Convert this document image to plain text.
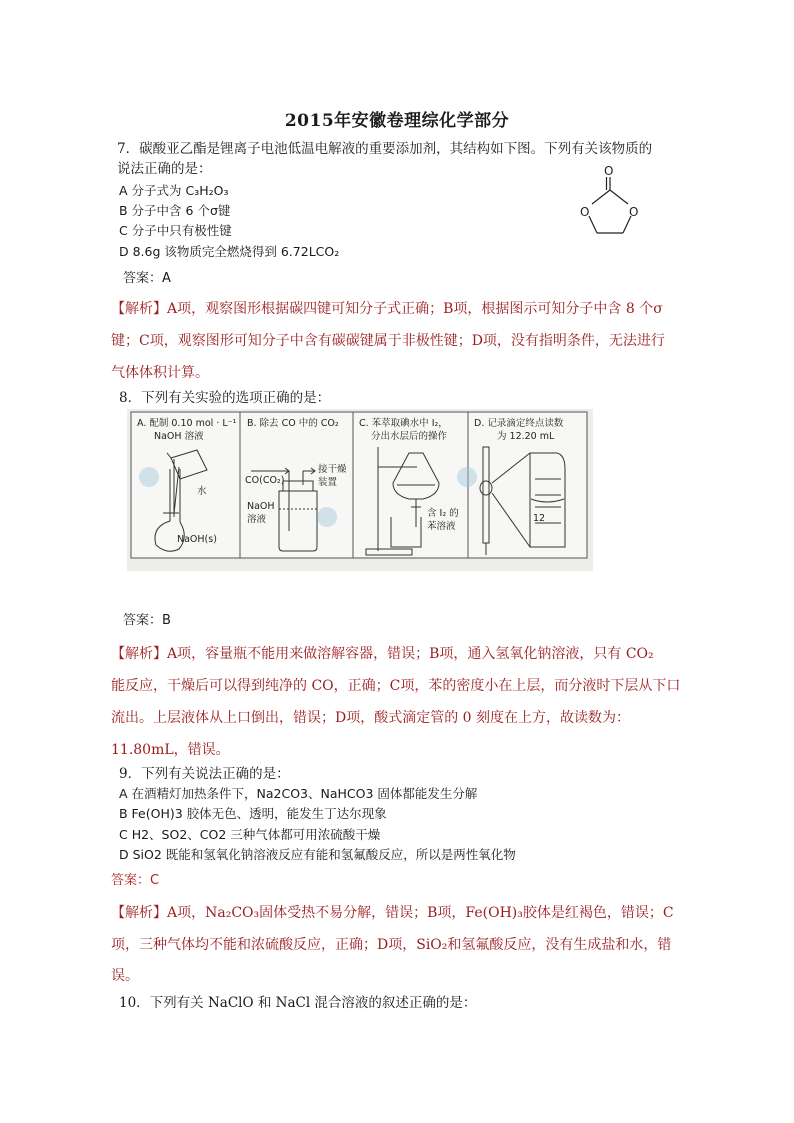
2015年安徽卷理综化学部分
7．碳酸亚乙酯是锂离子电池低温电解液的重要添加剂，其结构如下图。下列有关该物质的
说法正确的是：
A 分子式为 C₃H₂O₃
B 分子中含 6 个σ键
C 分子中只有极性键
D 8.6g 该物质完全燃烧得到 6.72LCO₂
O
O	O
答案：A
【解析】A项，观察图形根据碳四键可知分子式正确；B项，根据图示可知分子中含 8 个σ
键；C项，观察图形可知分子中含有碳碳键属于非极性键；D项，没有指明条件，无法进行
气体体积计算。
8．下列有关实验的选项正确的是：
A. 配制 0.10 mol · L⁻¹
NaOH 溶液
水
NaOH(s)
B. 除去 CO 中的 CO₂
CO(CO₂)
接干燥
装置
NaOH
溶液
C. 苯萃取碘水中 I₂，
分出水层后的操作
含 I₂ 的
苯溶液
D. 记录滴定终点读数
为 12.20 mL
12
答案：B
【解析】A项，容量瓶不能用来做溶解容器，错误；B项，通入氢氧化钠溶液，只有 CO₂
能反应，干燥后可以得到纯净的 CO，正确；C项，苯的密度小在上层，而分液时下层从下口
流出。上层液体从上口倒出，错误；D项，酸式滴定管的 0 刻度在上方，故读数为：
11.80mL，错误。
9．下列有关说法正确的是：
A 在酒精灯加热条件下，Na2CO3、NaHCO3 固体都能发生分解
B Fe(OH)3 胶体无色、透明，能发生丁达尔现象
C H2、SO2、CO2 三种气体都可用浓硫酸干燥
D SiO2 既能和氢氧化钠溶液反应有能和氢氟酸反应，所以是两性氧化物
答案：C
【解析】A项，Na₂CO₃固体受热不易分解，错误；B项，Fe(OH)₃胶体是红褐色，错误；C
项，三种气体均不能和浓硫酸反应，正确；D项，SiO₂和氢氟酸反应，没有生成盐和水，错
误。
10．下列有关 NaClO 和 NaCl 混合溶液的叙述正确的是：
